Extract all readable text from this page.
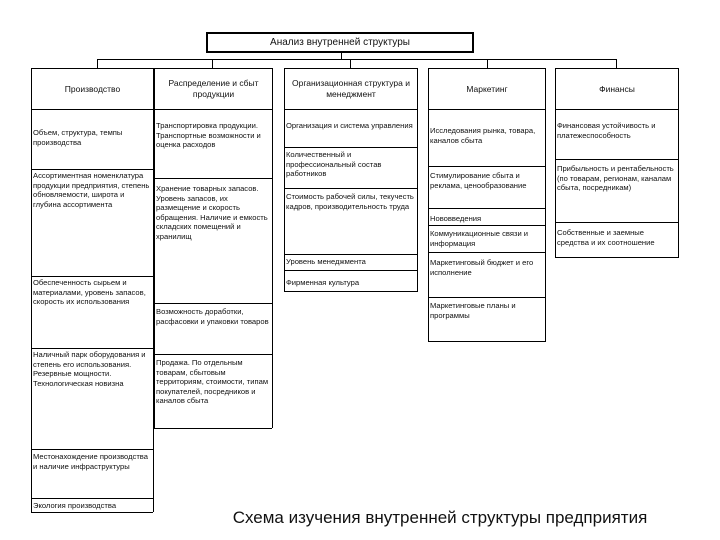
Анализ внутренней структуры
Производство
Распределение и сбыт продукции
Организационная структура и менеджмент
Маркетинг	Финансы
Объем, структура, темпы производства
Ассортиментная номенклатура продукции предприятия, степень обновляемости, широта и глубина ассортимента
Обеспеченность сырьем и материалами, уровень запасов, скорость их использования
Наличный парк оборудования и степень его использования. Резервные мощности. Технологическая новизна
Местонахождение производства и наличие инфраструктуры
Экология производства
Транспортировка продукции. Транспортные возможности и оценка расходов
Хранение товарных запасов. Уровень запасов, их размещение и скорость обращения. Наличие и емкость складских помещений и хранилищ
Возможность доработки, расфасовки и упаковки товаров
Продажа. По отдельным товарам, сбытовым территориям, стоимости, типам покупателей, посредников и каналов сбыта
Организация и система управления
Количественный и профессиональный состав работников
Стоимость рабочей силы, текучесть кадров, производительность труда
Уровень менеджмента
Фирменная культура
Исследования рынка, товара, каналов сбыта
Стимулирование сбыта и реклама, ценообразование
Нововведения
Коммуникационные связи и информация
Маркетинговый бюджет и его исполнение
Маркетинговые планы и программы
Финансовая устойчивость и платежеспособность
Прибыльность и рентабельность (по товарам, регионам, каналам сбыта, посредникам)
Собственные и заемные средства и их соотношение
Схема изучения внутренней структуры предприятия
